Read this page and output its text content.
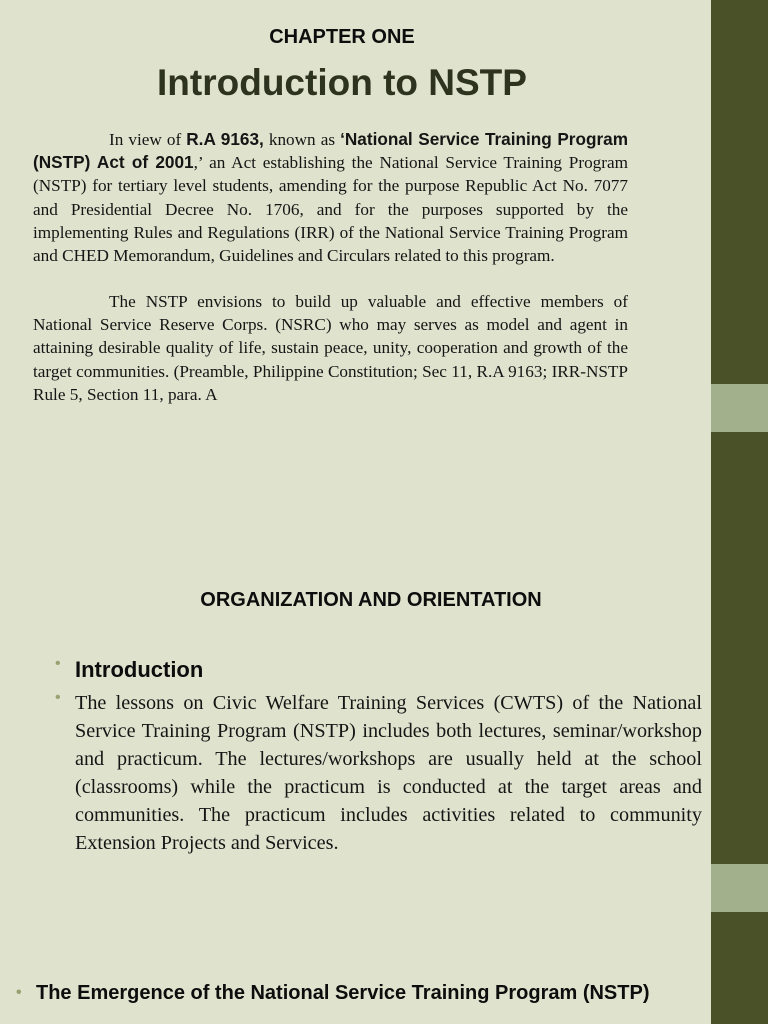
CHAPTER ONE
Introduction to NSTP
In view of R.A 9163, known as ‘National Service Training Program (NSTP) Act of 2001,’ an Act establishing the National Service Training Program (NSTP) for tertiary level students, amending for the purpose Republic Act No. 7077 and Presidential Decree No. 1706, and for the purposes supported by the implementing Rules and Regulations (IRR) of the National Service Training Program and CHED Memorandum, Guidelines and Circulars related to this program.
The NSTP envisions to build up valuable and effective members of National Service Reserve Corps. (NSRC) who may serves as model and agent in attaining desirable quality of life, sustain peace, unity, cooperation and growth of the target communities. (Preamble, Philippine Constitution; Sec 11, R.A 9163; IRR-NSTP Rule 5, Section 11, para. A
ORGANIZATION AND ORIENTATION
• Introduction
• The lessons on Civic Welfare Training Services (CWTS) of the National Service Training Program (NSTP) includes both lectures, seminar/workshop and practicum. The lectures/workshops are usually held at the school (classrooms) while the practicum is conducted at the target areas and communities. The practicum includes activities related to community Extension Projects and Services.
• The Emergence of the National Service Training Program (NSTP)
